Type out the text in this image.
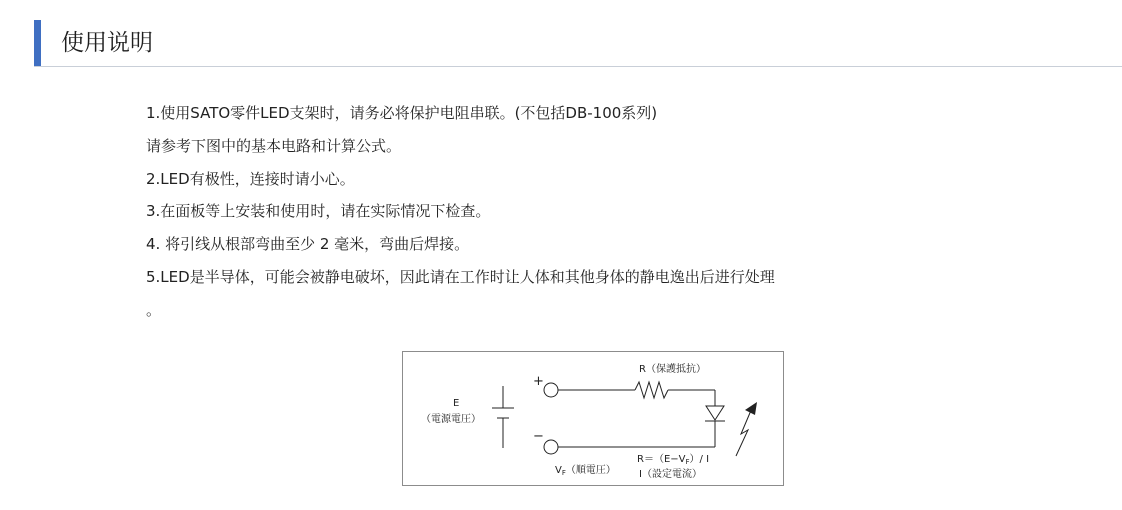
使用说明
1.使用SATO零件LED支架时，请务必将保护电阻串联。(不包括DB-100系列)
请参考下图中的基本电路和计算公式。
2.LED有极性，连接时请小心。
3.在面板等上安装和使用时，请在实际情况下检查。
4. 将引线从根部弯曲至少 2 毫米，弯曲后焊接。
5.LED是半导体，可能会被静电破坏，因此请在工作时让人体和其他身体的静电逸出后进行处理
。
E
（電源電圧）
+
−
R（保護抵抗）
$V_F$（順電圧）
$R=(E-V_F)/$ I
I（設定電流）
